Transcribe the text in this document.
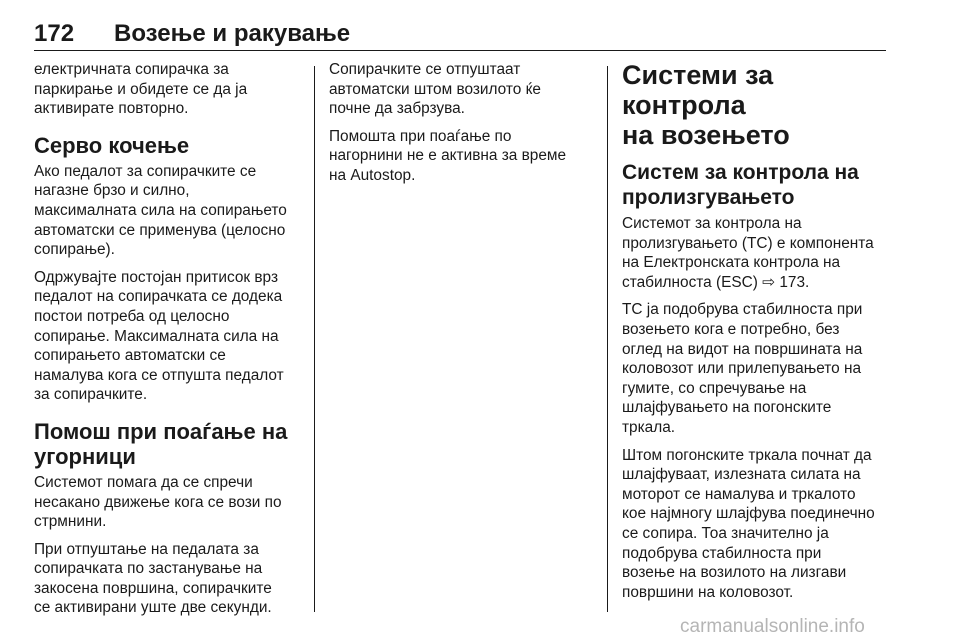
172	Возење и ракување

електричната сопирачка за
паркирање и обидете се да ја
активирате повторно.

Серво кочење

Ако педалот за сопирачките се
нагазне брзо и силно,
максималната сила на сопирањето
автоматски се применува (целосно
сопирање).

Одржувајте постојан притисок врз
педалот на сопирачката се додека
постои потреба од целосно
сопирање. Максималната сила на
сопирањето автоматски се
намалува кога се отпушта педалот
за сопирачките.

Помош при поаѓање на
угорници

Системот помага да се спречи
несакано движење кога се вози по
стрмнини.

При отпуштање на педалата за
сопирачката по застанување на
закосена површина, сопирачките
се активирани уште две секунди.

Сопирачките се отпуштаат
автоматски штом возилото ќе
почне да забрзува.

Помошта при поаѓање по
нагорнини не е активна за време
на Autostop.

Системи за контрола
на возењето
Систем за контрола на
пролизгувањето

Системот за контрола на
пролизгувањето (TC) е компонента
на Електронската контрола на
стабилноста (ESC) ⇨ 173.

TC ја подобрува стабилноста при
возењето кога е потребно, без
оглед на видот на површината на
коловозот или прилепувањето на
гумите, со спречување на
шлајфувањето на погонските
тркала.

Штом погонските тркала почнат да
шлајфуваат, излезната силата на
моторот се намалува и тркалото
кое најмногу шлајфува поединечно
се сопира. Тоа значително ја
подобрува стабилноста при
возење на возилото на лизгави
површини на коловозот.

carmanualsonline.info
